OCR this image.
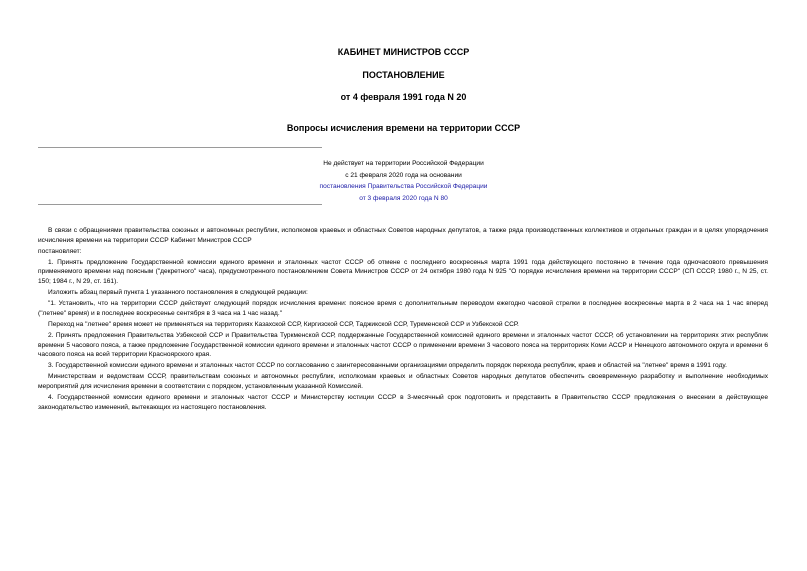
КАБИНЕТ МИНИСТРОВ СССР
ПОСТАНОВЛЕНИЕ
от 4 февраля 1991 года N 20
Вопросы исчисления времени на территории СССР
Не действует на территории Российской Федерации
с 21 февраля 2020 года на основании
постановления Правительства Российской Федерации
от 3 февраля 2020 года N 80

В связи с обращениями правительства союзных и автономных республик, исполкомов краевых и областных Советов народных депутатов, а также ряда производственных коллективов и отдельных граждан и в целях упорядочения исчисления времени на территории СССР Кабинет Министров СССР

постановляет:

1. Принять предложение Государственной комиссии единого времени и эталонных частот СССР об отмене с последнего воскресенья марта 1991 года действующего постоянно в течение года одночасового превышения применяемого времени над поясным ("декретного" часа), предусмотренного постановлением Совета Министров СССР от 24 октября 1980 года N 925 "О порядке исчисления времени на территории СССР" (СП СССР, 1980 г., N 25, ст. 150; 1984 г., N 29, ст. 161).

Изложить абзац первый пункта 1 указанного постановления в следующей редакции:

"1. Установить, что на территории СССР действует следующий порядок исчисления времени: поясное время с дополнительным переводом ежегодно часовой стрелки в последнее воскресенье марта в 2 часа на 1 час вперед ("летнее" время) и в последнее воскресенье сентября в 3 часа на 1 час назад."

Переход на "летнее" время может не применяться на территориях Казахской ССР, Киргизской ССР, Таджикской ССР, Туркменской ССР и Узбекской ССР.

2. Принять предложения Правительства Узбекской ССР и Правительства Туркменской ССР, поддержанные Государственной комиссией единого времени и эталонных частот СССР, об установлении на территориях этих республик времени 5 часового пояса, а также предложение Государственной комиссии единого времени и эталонных частот СССР о применении времени 3 часового пояса на территориях Коми АССР и Ненецкого автономного округа и времени 6 часового пояса на всей территории Красноярского края.

3. Государственной комиссии единого времени и эталонных частот СССР по согласованию с заинтересованными организациями определить порядок перехода республик, краев и областей на "летнее" время в 1991 году.

Министерствам и ведомствам СССР, правительствам союзных и автономных республик, исполкомам краевых и областных Советов народных депутатов обеспечить своевременную разработку и выполнение необходимых мероприятий для исчисления времени в соответствии с порядком, установленным указанной Комиссией.

4. Государственной комиссии единого времени и эталонных частот СССР и Министерству юстиции СССР в 3-месячный срок подготовить и представить в Правительство СССР предложения о внесении в действующее законодательство изменений, вытекающих из настоящего постановления.
